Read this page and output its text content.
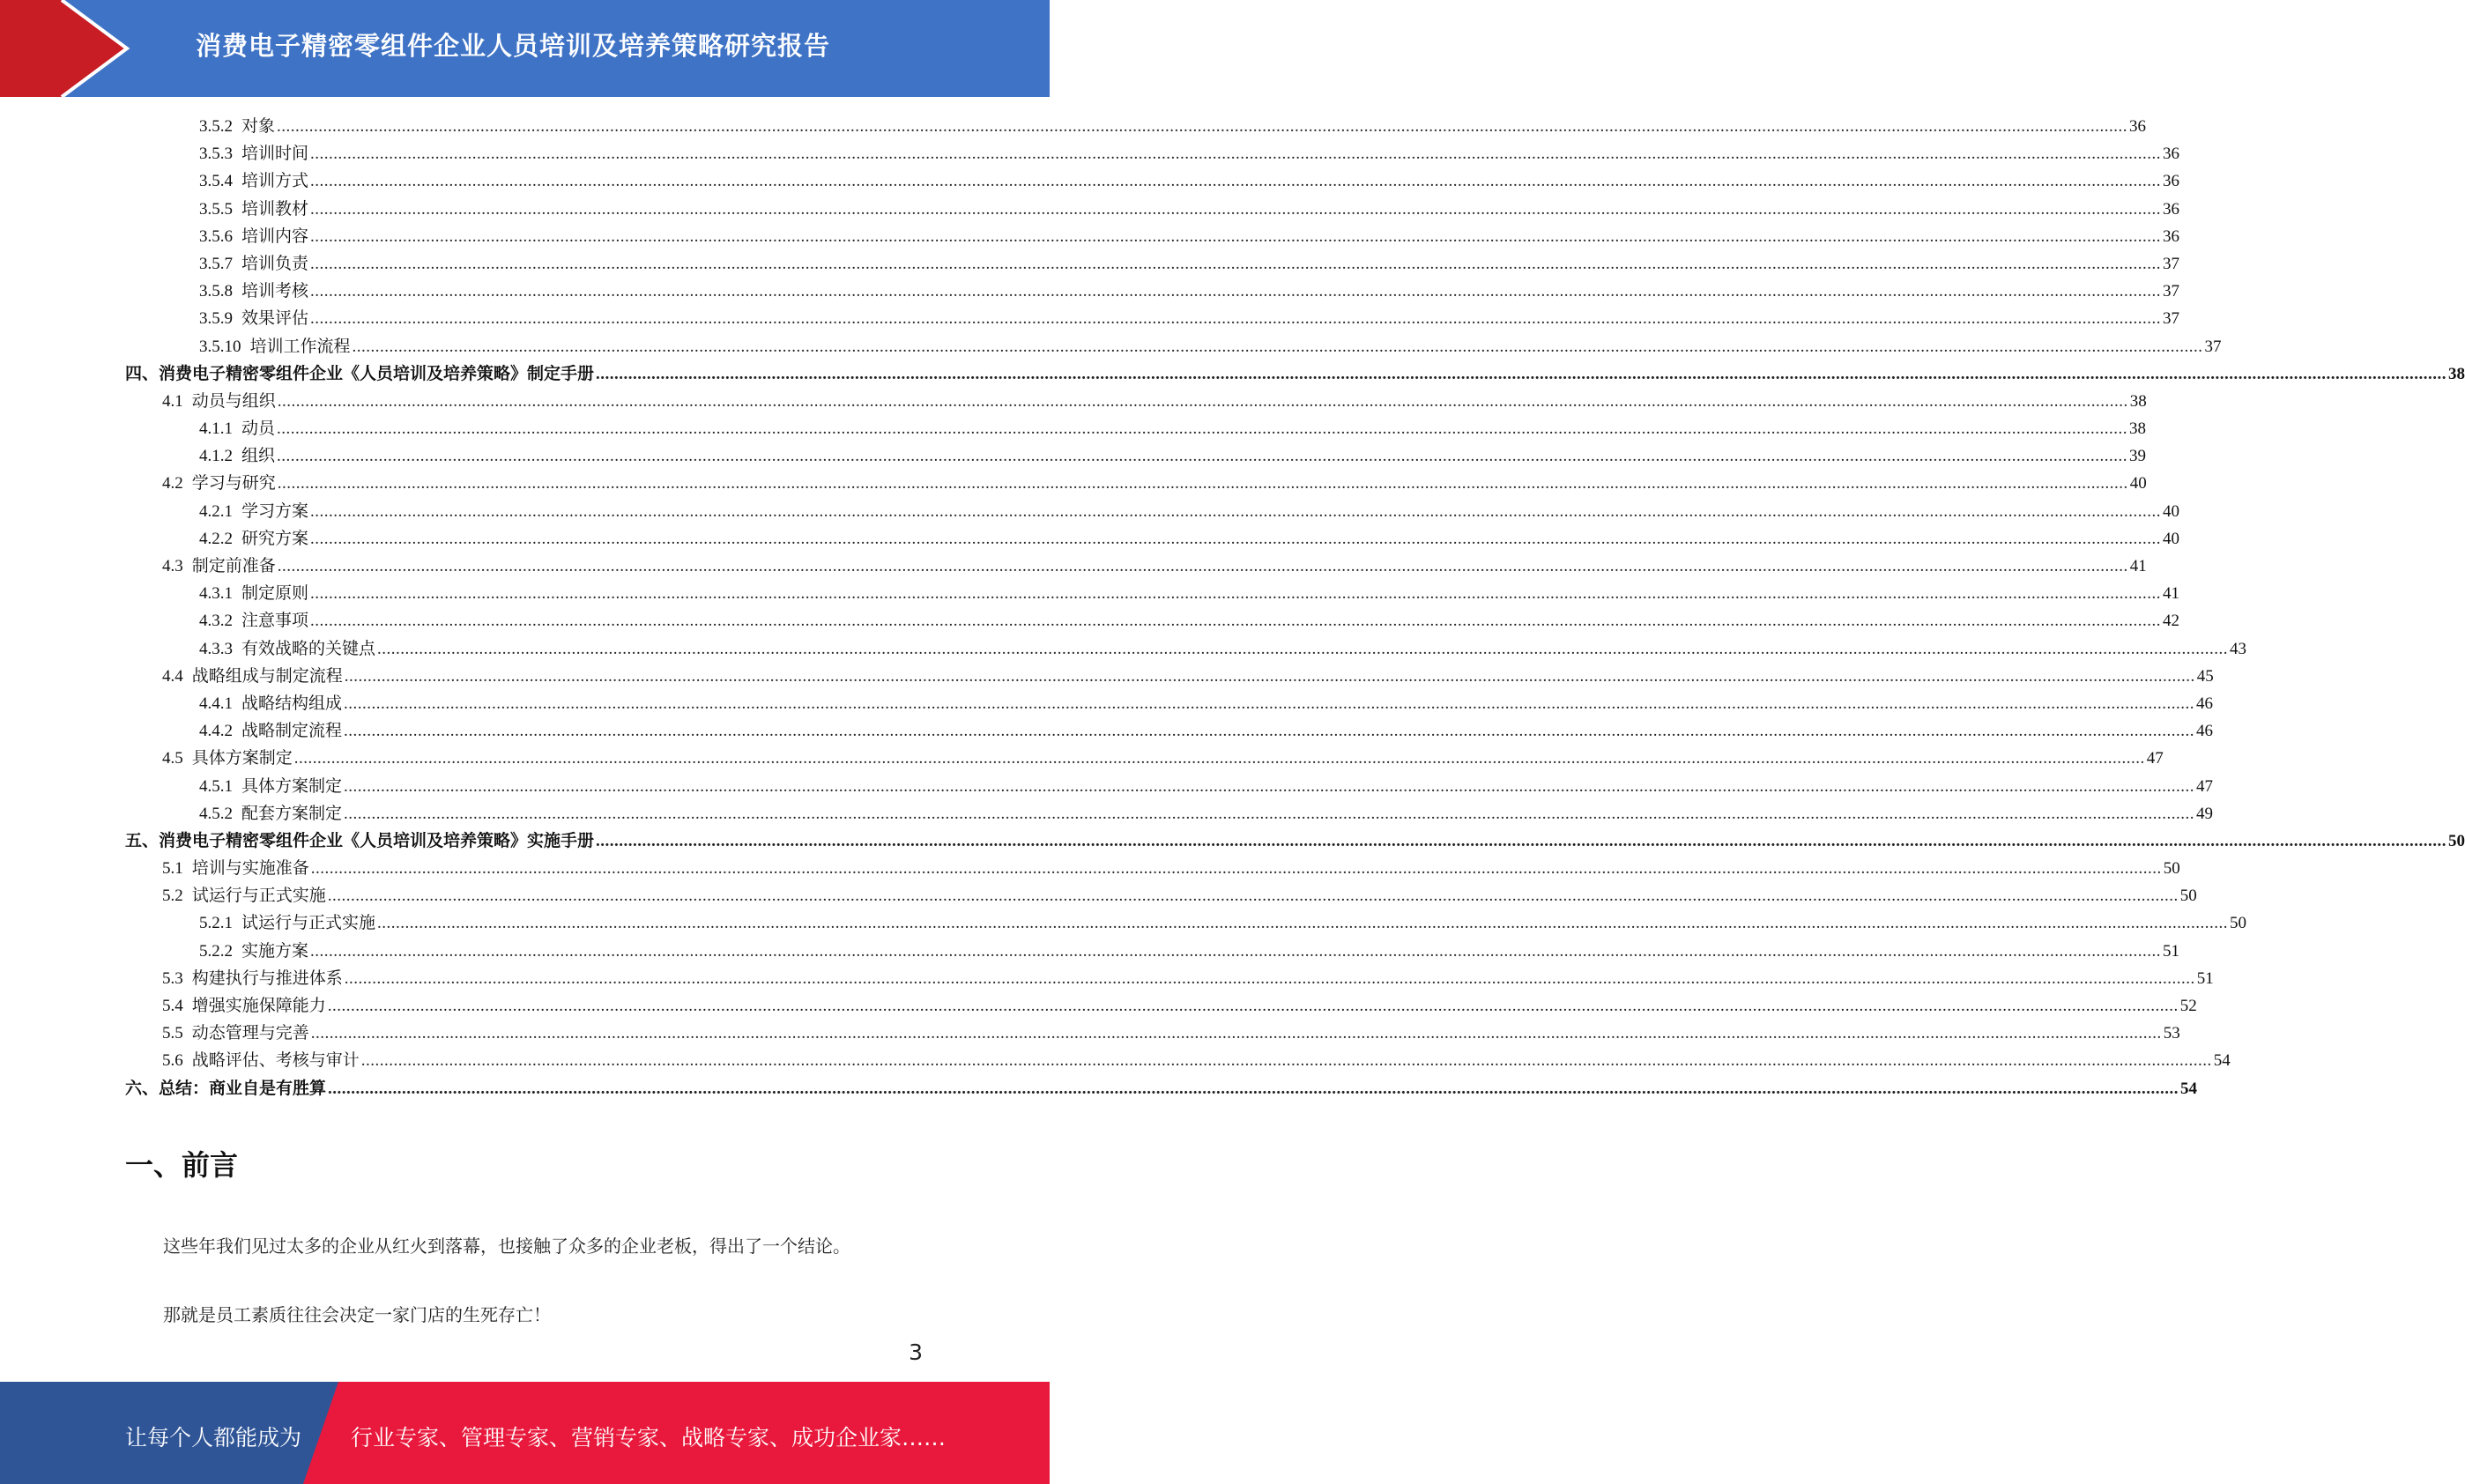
消费电子精密零组件企业人员培训及培养策略研究报告
3.5.2 对象 ................................................................................................................................................................................................................................................................................................................................................................................................................ 36
3.5.3 培训时间 ................................................................................................................................................................................................................................................................................................................................................................................................................ 36
3.5.4 培训方式 ................................................................................................................................................................................................................................................................................................................................................................................................................ 36
3.5.5 培训教材 ................................................................................................................................................................................................................................................................................................................................................................................................................ 36
3.5.6 培训内容 ................................................................................................................................................................................................................................................................................................................................................................................................................ 36
3.5.7 培训负责 ................................................................................................................................................................................................................................................................................................................................................................................................................ 37
3.5.8 培训考核 ................................................................................................................................................................................................................................................................................................................................................................................................................ 37
3.5.9 效果评估 ................................................................................................................................................................................................................................................................................................................................................................................................................ 37
3.5.10 培训工作流程 ................................................................................................................................................................................................................................................................................................................................................................................................................ 37
四、 消费电子精密零组件企业《人员培训及培养策略》制定手册 ................................................................................................................................................................................................................................................................................................................................................................................................................ 38
4.1 动员与组织 ................................................................................................................................................................................................................................................................................................................................................................................................................ 38
4.1.1 动员 ................................................................................................................................................................................................................................................................................................................................................................................................................ 38
4.1.2 组织 ................................................................................................................................................................................................................................................................................................................................................................................................................ 39
4.2 学习与研究 ................................................................................................................................................................................................................................................................................................................................................................................................................ 40
4.2.1 学习方案 ................................................................................................................................................................................................................................................................................................................................................................................................................ 40
4.2.2 研究方案 ................................................................................................................................................................................................................................................................................................................................................................................................................ 40
4.3 制定前准备 ................................................................................................................................................................................................................................................................................................................................................................................................................ 41
4.3.1 制定原则 ................................................................................................................................................................................................................................................................................................................................................................................................................ 41
4.3.2 注意事项 ................................................................................................................................................................................................................................................................................................................................................................................................................ 42
4.3.3 有效战略的关键点 ................................................................................................................................................................................................................................................................................................................................................................................................................ 43
4.4 战略组成与制定流程 ................................................................................................................................................................................................................................................................................................................................................................................................................ 45
4.4.1 战略结构组成 ................................................................................................................................................................................................................................................................................................................................................................................................................ 46
4.4.2 战略制定流程 ................................................................................................................................................................................................................................................................................................................................................................................................................ 46
4.5 具体方案制定 ................................................................................................................................................................................................................................................................................................................................................................................................................ 47
4.5.1 具体方案制定 ................................................................................................................................................................................................................................................................................................................................................................................................................ 47
4.5.2 配套方案制定 ................................................................................................................................................................................................................................................................................................................................................................................................................ 49
五、 消费电子精密零组件企业《人员培训及培养策略》实施手册 ................................................................................................................................................................................................................................................................................................................................................................................................................ 50
5.1 培训与实施准备 ................................................................................................................................................................................................................................................................................................................................................................................................................ 50
5.2 试运行与正式实施 ................................................................................................................................................................................................................................................................................................................................................................................................................ 50
5.2.1 试运行与正式实施 ................................................................................................................................................................................................................................................................................................................................................................................................................ 50
5.2.2 实施方案 ................................................................................................................................................................................................................................................................................................................................................................................................................ 51
5.3 构建执行与推进体系 ................................................................................................................................................................................................................................................................................................................................................................................................................ 51
5.4 增强实施保障能力 ................................................................................................................................................................................................................................................................................................................................................................................................................ 52
5.5 动态管理与完善 ................................................................................................................................................................................................................................................................................................................................................................................................................ 53
5.6 战略评估、考核与审计 ................................................................................................................................................................................................................................................................................................................................................................................................................ 54
六、 总结：商业自是有胜算 ................................................................................................................................................................................................................................................................................................................................................................................................................ 54
一、前言
这些年我们见过太多的企业从红火到落幕，也接触了众多的企业老板，得出了一个结论。
那就是员工素质往往会决定一家门店的生死存亡！
3
让每个人都能成为 行业专家、管理专家、营销专家、战略专家、成功企业家……
